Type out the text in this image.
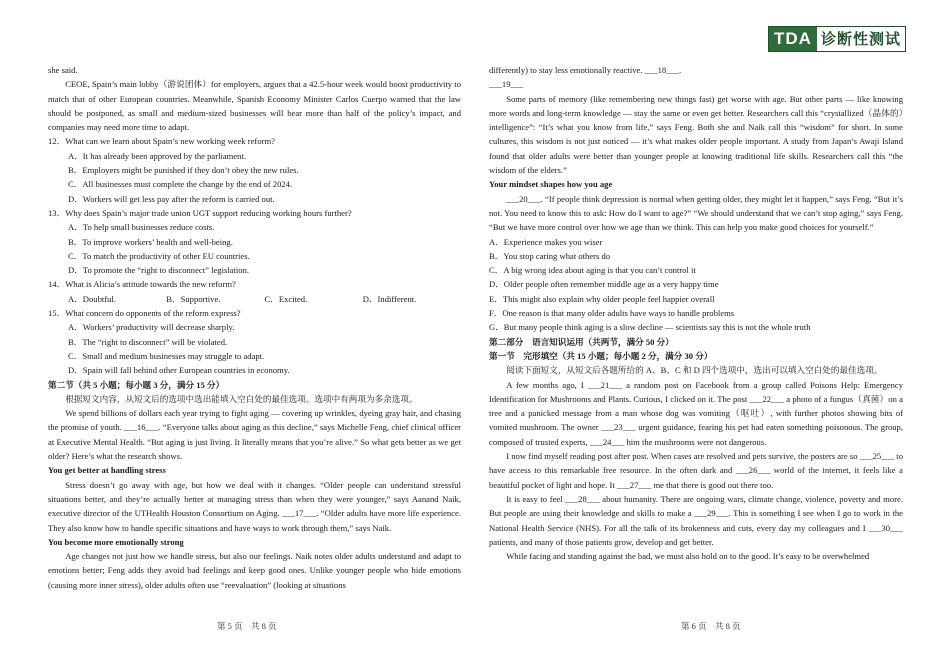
TDA 诊断性测试

she said.

CEOE, Spain’s main lobby（游说团体）for employers, argues that a 42.5-hour week would boost productivity to match that of other European countries. Meanwhile, Spanish Economy Minister Carlos Cuerpo warned that the law should be postponed, as small and medium-sized businesses will bear more than half of the policy’s impact, and companies may need more time to adapt.

12．What can we learn about Spain’s new working week reform?

A．It has already been approved by the parliament.

B．Employers might be punished if they don’t obey the new rules.

C．All businesses must complete the change by the end of 2024.

D．Workers will get less pay after the reform is carried out.

13．Why does Spain’s major trade union UGT support reducing working hours further?

A．To help small businesses reduce costs.

B．To improve workers’ health and well-being.

C．To match the productivity of other EU countries.

D．To promote the “right to disconnect” legislation.

14．What is Alicia’s attitude towards the new reform?

A．Doubtful.	B．Supportive.	C．Excited.	D．Indifferent.

15．What concern do opponents of the reform express?

A．Workers’ productivity will decrease sharply.

B．The “right to disconnect” will be violated.

C．Small and medium businesses may struggle to adapt.

D．Spain will fall behind other European countries in economy.

第二节（共 5 小题；每小题 3 分，满分 15 分）

根据短文内容，从短文后的选项中选出能填入空白处的最佳选项。选项中有两项为多余选项。

We spend billions of dollars each year trying to fight aging — covering up wrinkles, dyeing gray hair, and chasing the promise of youth. ___16___. “Everyone talks about aging as this decline,” says Michelle Feng, chief clinical officer at Executive Mental Health. “But aging is just living. It literally means that you’re alive.” So what gets better as we get older? Here’s what the research shows.

You get better at handling stress

Stress doesn’t go away with age, but how we deal with it changes. “Older people can understand stressful situations better, and they’re actually better at managing stress than when they were younger,” says Aanand Naik, executive director of the UTHealth Houston Consortium on Aging. ___17___. “Older adults have more life experience. They also know how to handle specific situations and have ways to work through them,” says Naik.

You become more emotionally strong

Age changes not just how we handle stress, but also our feelings. Naik notes older adults understand and adapt to emotions better; Feng adds they avoid bad feelings and keep good ones. Unlike younger people who hide emotions (causing more inner stress), older adults often use “reevaluation” (looking at situations

differently) to stay less emotionally reactive. ___18___.

___19___

Some parts of memory (like remembering new things fast) get worse with age. But other parts — like knowing more words and long-term knowledge — stay the same or even get better. Researchers call this “crystallized（晶体的）intelligence”: “It’s what you know from life,” says Feng. Both she and Naik call this “wisdom” for short. In some cultures, this wisdom is not just noticed — it’s what makes older people important. A study from Japan’s Awaji Island found that older adults were better than younger people at knowing traditional life skills. Researchers call this “the wisdom of the elders.”

Your mindset shapes how you age

___20___. “If people think depression is normal when getting older, they might let it happen,” says Feng. “But it’s not. You need to know this to ask: How do I want to age?” “We should understand that we can’t stop aging,” says Feng. “But we have more control over how we age than we think. This can help you make good choices for yourself.”

A．Experience makes you wiser

B．You stop caring what others do

C．A big wrong idea about aging is that you can’t control it

D．Older people often remember middle age as a very happy time

E．This might also explain why older people feel happier overall

F．One reason is that many older adults have ways to handle problems

G．But many people think aging is a slow decline — scientists say this is not the whole truth

第二部分　语言知识运用（共两节，满分 50 分）

第一节　完形填空（共 15 小题；每小题 2 分，满分 30 分）

阅读下面短文，从短文后各题所给的 A、B、C 和 D 四个选项中，选出可以填入空白处的最佳选项。

A few months ago, I ___21___ a random post on Facebook from a group called Poisons Help: Emergency Identification for Mushrooms and Plants. Curious, I clicked on it. The post ___22___ a photo of a fungus（真菌）on a tree and a panicked message from a man whose dog was vomiting（呕吐）, with further photos showing bits of vomited mushroom. The owner ___23___ urgent guidance, fearing his pet had eaten something poisonous. The group, composed of trusted experts, ___24___ him the mushrooms were not dangerous.

I now find myself reading post after post. When cases are resolved and pets survive, the posters are so ___25___ to have access to this remarkable free resource. In the often dark and ___26___ world of the internet, it feels like a beautiful pocket of light and hope. It ___27___ me that there is good out there too.

It is easy to feel ___28___ about humanity. There are ongoing wars, climate change, violence, poverty and more. But people are using their knowledge and skills to make a ___29___. This is something I see when I go to work in the National Health Service (NHS). For all the talk of its brokenness and cuts, every day my colleagues and I ___30___ patients, and many of those patients grow, develop and get better.

While facing and standing against the bad, we must also hold on to the good. It’s easy to be overwhelmed

第 5 页　共 8 页	第 6 页　共 8 页
